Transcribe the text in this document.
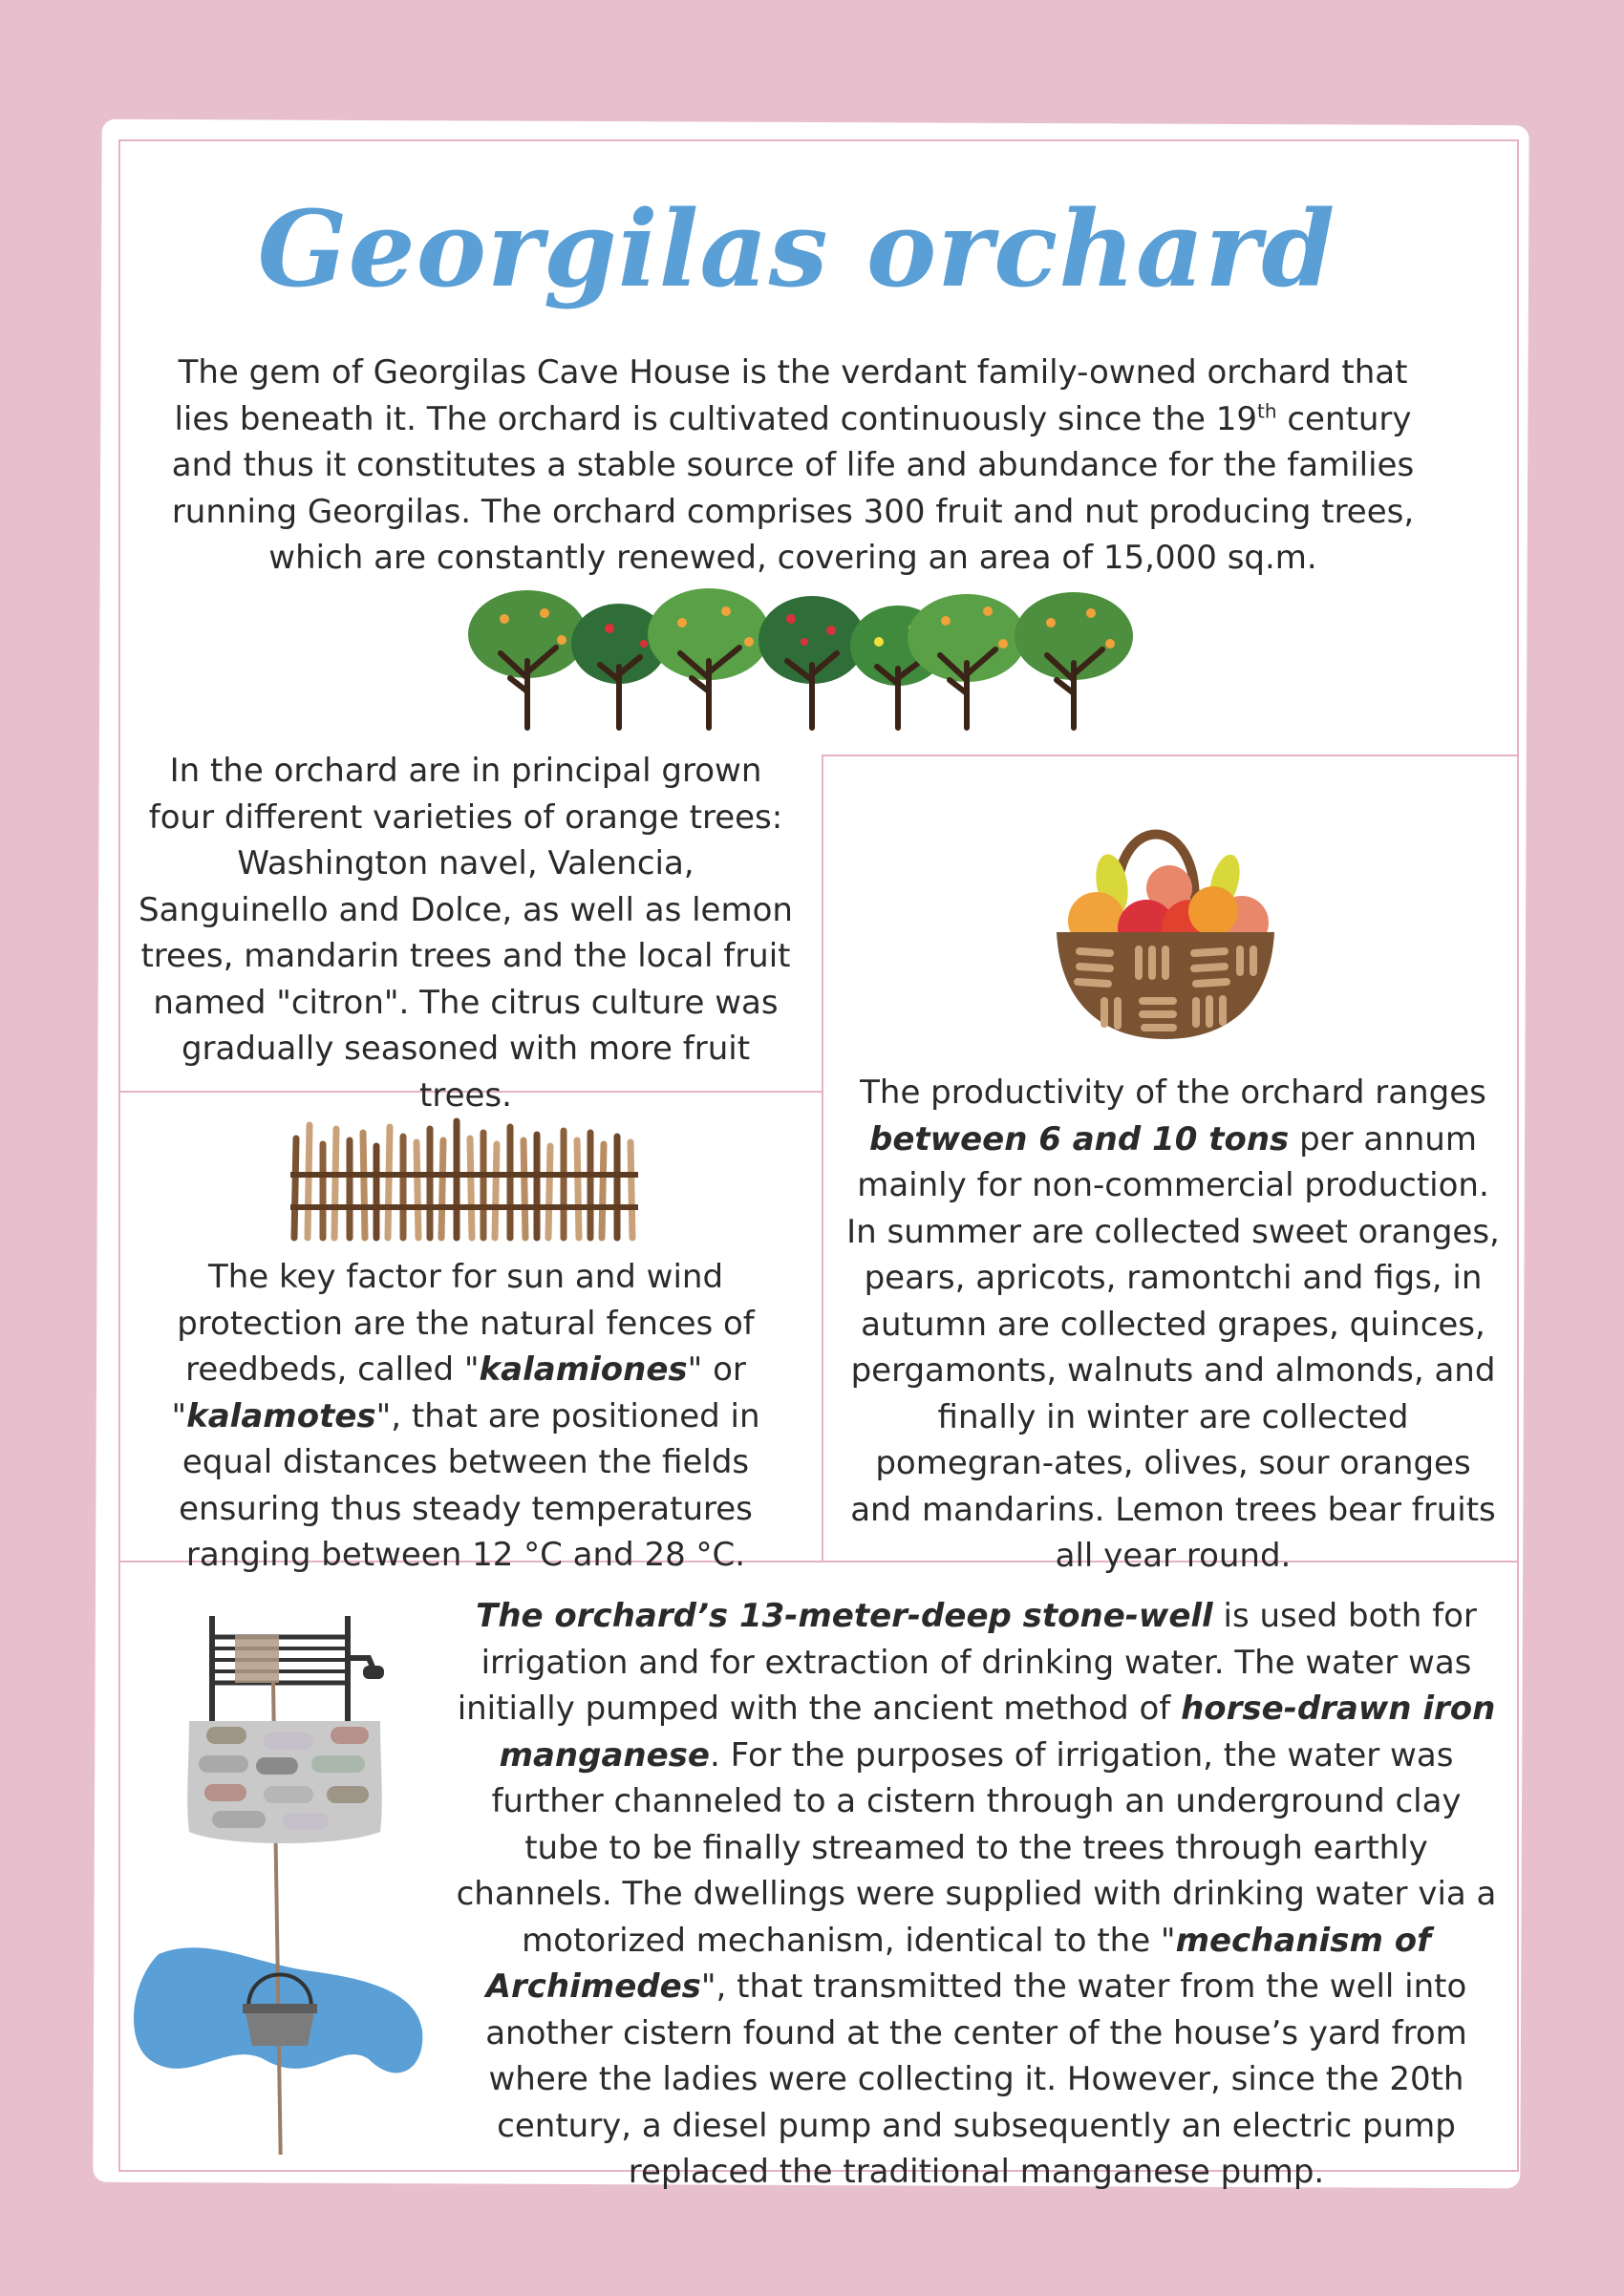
Georgilas orchard
The gem of Georgilas Cave House is the verdant family-owned orchard that lies beneath it. The orchard is cultivated continuously since the 19th century and thus it constitutes a stable source of life and abundance for the families running Georgilas. The orchard comprises 300 fruit and nut producing trees, which are constantly renewed, covering an area of 15,000 sq.m.
In the orchard are in principal grown four different varieties of orange trees: Washington navel, Valencia, Sanguinello and Dolce, as well as lemon trees, mandarin trees and the local fruit named "citron". The citrus culture was gradually seasoned with more fruit trees.
The key factor for sun and wind protection are the natural fences of reedbeds, called "kalamiones" or "kalamotes", that are positioned in equal distances between the fields ensuring thus steady temperatures ranging between 12 °C and 28 °C.
The productivity of the orchard ranges between 6 and 10 tons per annum mainly for non-commercial production. In summer are collected sweet oranges, pears, apricots, ramontchi and figs, in autumn are collected grapes, quinces, pergamonts, walnuts and almonds, and finally in winter are collected pomegran-ates, olives, sour oranges and mandarins. Lemon trees bear fruits all year round.
The orchard’s 13-meter-deep stone-well is used both for irrigation and for extraction of drinking water. The water was initially pumped with the ancient method of horse-drawn iron manganese. For the purposes of irrigation, the water was further channeled to a cistern through an underground clay tube to be finally streamed to the trees through earthly channels. The dwellings were supplied with drinking water via a motorized mechanism, identical to the "mechanism of Archimedes", that transmitted the water from the well into another cistern found at the center of the house’s yard from where the ladies were collecting it. However, since the 20th century, a diesel pump and subsequently an electric pump replaced the traditional manganese pump.
